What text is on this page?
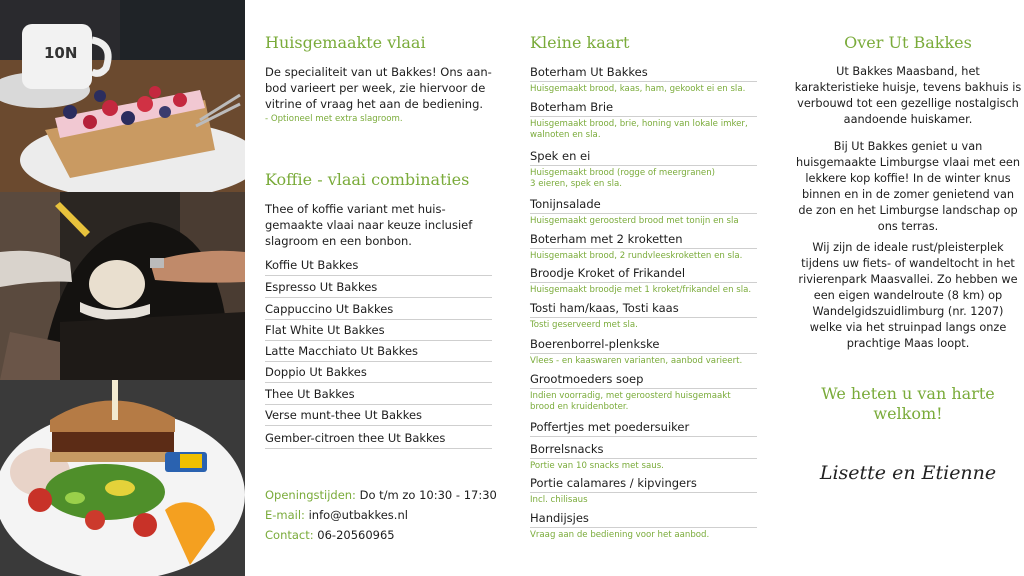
10N
Huisgemaakte vlaai
De specialiteit van ut Bakkes! Ons aan-
bod varieert per week, zie hiervoor de
vitrine of vraag het aan de bediening.
- Optioneel met extra slagroom.
Koffie - vlaai combinaties
Thee of koffie variant met huis-
gemaakte vlaai naar keuze inclusief
slagroom en een bonbon.
Koffie Ut Bakkes
Espresso Ut Bakkes
Cappuccino Ut Bakkes
Flat White Ut Bakkes
Latte Macchiato Ut Bakkes
Doppio Ut Bakkes
Thee Ut Bakkes
Verse munt-thee Ut Bakkes
Gember-citroen thee Ut Bakkes
Openingstijden: Do t/m zo 10:30 - 17:30
E-mail: info@utbakkes.nl
Contact: 06-20560965
Kleine kaart
Boterham Ut Bakkes
Huisgemaakt brood, kaas, ham, gekookt ei en sla.
Boterham Brie
Huisgemaakt brood, brie, honing van lokale imker,
walnoten en sla.
Spek en ei
Huisgemaakt brood (rogge of meergranen)
3 eieren, spek en sla.
Tonijnsalade
Huisgemaakt geroosterd brood met tonijn en sla
Boterham met 2 kroketten
Huisgemaakt brood, 2 rundvleeskroketten en sla.
Broodje Kroket of Frikandel
Huisgemaakt broodje met 1 kroket/frikandel en sla.
Tosti ham/kaas, Tosti kaas
Tosti geserveerd met sla.
Boerenborrel-plenkske
Vlees - en kaaswaren varianten, aanbod varieert.
Grootmoeders soep
Indien voorradig, met geroosterd huisgemaakt
brood en kruidenboter.
Poffertjes met poedersuiker
Borrelsnacks
Portie van 10 snacks met saus.
Portie calamares / kipvingers
Incl. chilisaus
Handijsjes
Vraag aan de bediening voor het aanbod.
Over Ut Bakkes
Ut Bakkes Maasband, het
karakteristieke huisje, tevens bakhuis is
verbouwd tot een gezellige nostalgisch
aandoende huiskamer.
Bij Ut Bakkes geniet u van
huisgemaakte Limburgse vlaai met een
lekkere kop koffie! In de winter knus
binnen en in de zomer genietend van
de zon en het Limburgse landschap op
ons terras.
Wij zijn de ideale rust/pleisterplek
tijdens uw fiets- of wandeltocht in het
rivierenpark Maasvallei. Zo hebben we
een eigen wandelroute (8 km) op
Wandelgidszuidlimburg (nr. 1207)
welke via het struinpad langs onze
prachtige Maas loopt.
We heten u van harte
welkom!
Lisette en Etienne
